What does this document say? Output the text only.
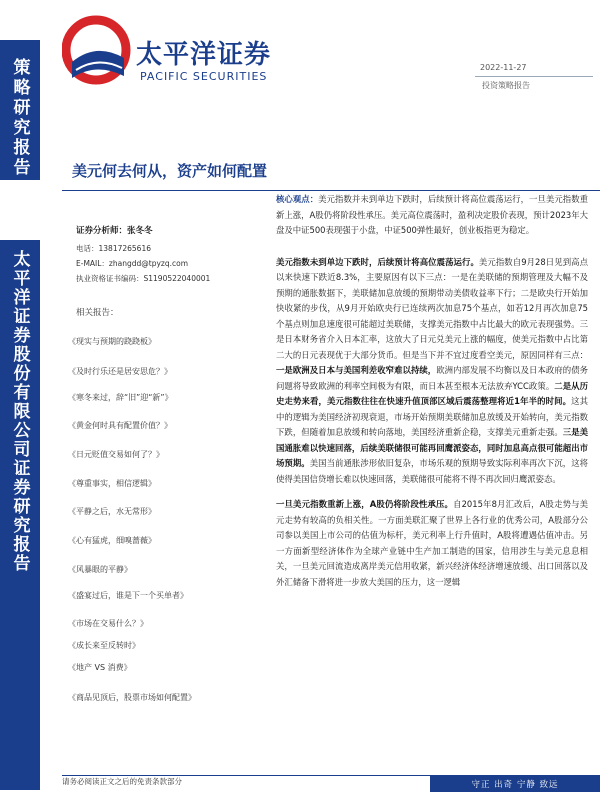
策略研究报告
太平洋证券股份有限公司证券研究报告
太平洋证券
PACIFIC SECURITIES
2022-11-27
投资策略报告
美元何去何从，资产如何配置
证券分析师：张冬冬
电话：13817265616
E-MAIL：zhangdd@tpyzq.com
执业资格证书编码：S1190522040001
相关报告：
《现实与预期的跷跷板》
《及时行乐还是居安思危？》
《寒冬来过，辞“旧”迎“新”》
《黄金何时具有配置价值？》
《日元贬值交易如何了？》
《尊重事实，相信逻辑》
《平静之后，水无常形》
《心有猛虎，细嗅蔷薇》
《风暴眼的平静》
《盛宴过后，谁是下一个买单者》
《市场在交易什么？》
《成长来至反转时》
《地产 VS 消费》
《商品见顶后，股票市场如何配置》

核心观点：美元指数并未到单边下跌时，后续预计将高位震荡运行，一旦美元指数重新上涨，A股仍将阶段性承压。美元高位震荡时，盈利决定股价表现，预计2023年大盘及中证500表现强于小盘，中证500弹性最好，创业板指更为稳定。

美元指数未到单边下跌时，后续预计将高位震荡运行。美元指数自9月28日见到高点以来快速下跌近8.3%，主要原因有以下三点：一是在美联储的预期管理及大幅不及预期的通胀数据下，美联储加息放缓的预期带动美债收益率下行；二是欧央行开始加快收紧的步伐，从9月开始欧央行已连续两次加息75个基点，如若12月再次加息75个基点则加息速度很可能超过美联储，支撑美元指数中占比最大的欧元表现强势。三是日本财务省介入日本汇率，这放大了日元兑美元上涨的幅度，使美元指数中占比第二大的日元表现优于大部分货币。但是当下并不宜过度看空美元，原因同样有三点：一是欧洲及日本与美国利差收窄难以持续，欧洲内部发展不均衡以及日本政府的债务问题将导致欧洲的利率空间极为有限，而日本甚至根本无法放弃YCC政策。二是从历史走势来看，美元指数往往在快速升值顶部区域后震荡整理将近1年半的时间。这其中的逻辑为美国经济初现衰退，市场开始预期美联储加息放缓及开始转向，美元指数下跌，但随着加息放缓和转向落地，美国经济重新企稳，支撑美元重新走强。三是美国通胀难以快速回落，后续美联储很可能再回鹰派姿态，同时加息高点很可能超出市场预期。美国当前通胀涉形依旧复杂，市场乐观的预期导致实际利率再次下沉，这将使得美国信贷增长难以快速回落，美联储很可能将不得不再次回归鹰派姿态。

一旦美元指数重新上涨，A股仍将阶段性承压。自2015年8月汇改后，A股走势与美元走势有较高的负相关性。一方面美联汇聚了世界上各行业的优秀公司，A股部分公司参以美国上市公司的估值为标杆，美元利率上行升值时，A股将遭遇估值冲击。另一方面新型经济体作为全球产业链中生产加工制造的国家，信用涉生与美元息息相关，一旦美元回流造成离岸美元信用收紧，新兴经济体经济增速放缓、出口回落以及外汇储备下滑将进一步放大美国的压力，这一逻辑

请务必阅读正文之后的免责条款部分	守正 出奇 宁静 致远
